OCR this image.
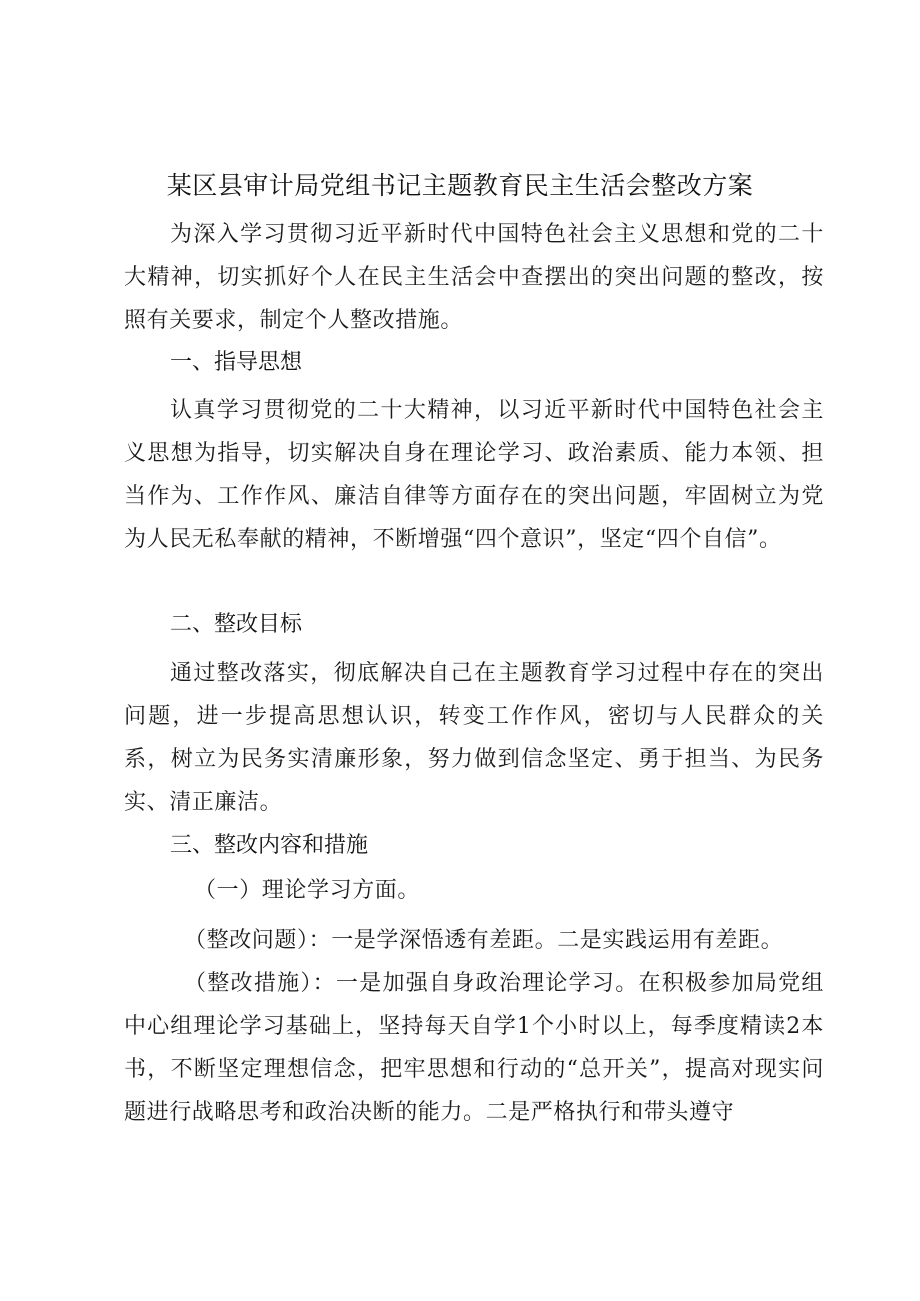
某区县审计局党组书记主题教育民主生活会整改方案

为深入学习贯彻习近平新时代中国特色社会主义思想和党的二十大精神，切实抓好个人在民主生活会中查摆出的突出问题的整改，按照有关要求，制定个人整改措施。

一、指导思想

认真学习贯彻党的二十大精神，以习近平新时代中国特色社会主义思想为指导，切实解决自身在理论学习、政治素质、能力本领、担当作为、工作作风、廉洁自律等方面存在的突出问题，牢固树立为党为人民无私奉献的精神，不断增强“四个意识”，坚定“四个自信”。

二、整改目标

通过整改落实，彻底解决自己在主题教育学习过程中存在的突出问题，进一步提高思想认识，转变工作作风，密切与人民群众的关系，树立为民务实清廉形象，努力做到信念坚定、勇于担当、为民务实、清正廉洁。

三、整改内容和措施
（一）理论学习方面。

（整改问题）：一是学深悟透有差距。二是实践运用有差距。

（整改措施）：一是加强自身政治理论学习。在积极参加局党组中心组理论学习基础上，坚持每天自学1个小时以上，每季度精读2本书，不断坚定理想信念，把牢思想和行动的“总开关”，提高对现实问题进行战略思考和政治决断的能力。二是严格执行和带头遵守
